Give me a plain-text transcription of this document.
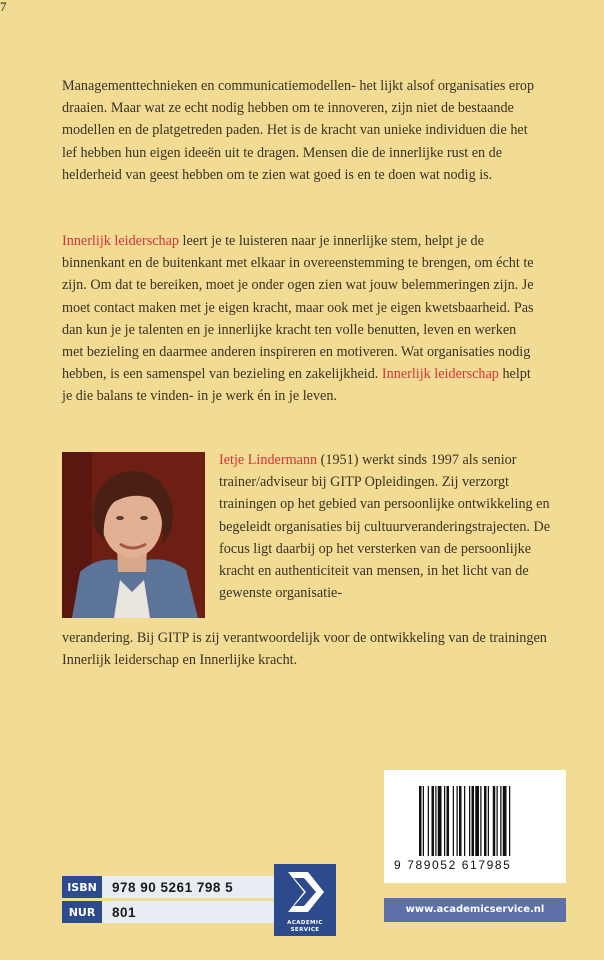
7

Managementtechnieken en communicatiemodellen- het lijkt alsof organisaties erop draaien. Maar wat ze echt nodig hebben om te innoveren, zijn niet de bestaande modellen en de platgetreden paden. Het is de kracht van unieke individuen die het lef hebben hun eigen ideeën uit te dragen. Mensen die de innerlijke rust en de helderheid van geest hebben om te zien wat goed is en te doen wat nodig is.

Innerlijk leiderschap leert je te luisteren naar je innerlijke stem, helpt je de binnenkant en de buitenkant met elkaar in overeenstemming te brengen, om écht te zijn. Om dat te bereiken, moet je onder ogen zien wat jouw belemmeringen zijn. Je moet contact maken met je eigen kracht, maar ook met je eigen kwetsbaarheid. Pas dan kun je je talenten en je innerlijke kracht ten volle benutten, leven en werken met bezieling en daarmee anderen inspireren en motiveren. Wat organisaties nodig hebben, is een samenspel van bezieling en zakelijkheid. Innerlijk leiderschap helpt je die balans te vinden- in je werk én in je leven.

Ietje Lindermann (1951) werkt sinds 1997 als senior trainer/adviseur bij GITP Opleidingen. Zij verzorgt trainingen op het gebied van persoonlijke ontwikkeling en begeleidt organisaties bij cultuurveranderingstrajecten. De focus ligt daarbij op het versterken van de persoonlijke kracht en authenticiteit van mensen, in het licht van de gewenste organisatie-

verandering. Bij GITP is zij verantwoordelijk voor de ontwikkeling van de trainingen Innerlijk leiderschap en Innerlijke kracht.

9 789052 617985
www.academicservice.nl
ISBN	978 90 5261 798 5
NUR	801
ACADEMIC
SERVICE
